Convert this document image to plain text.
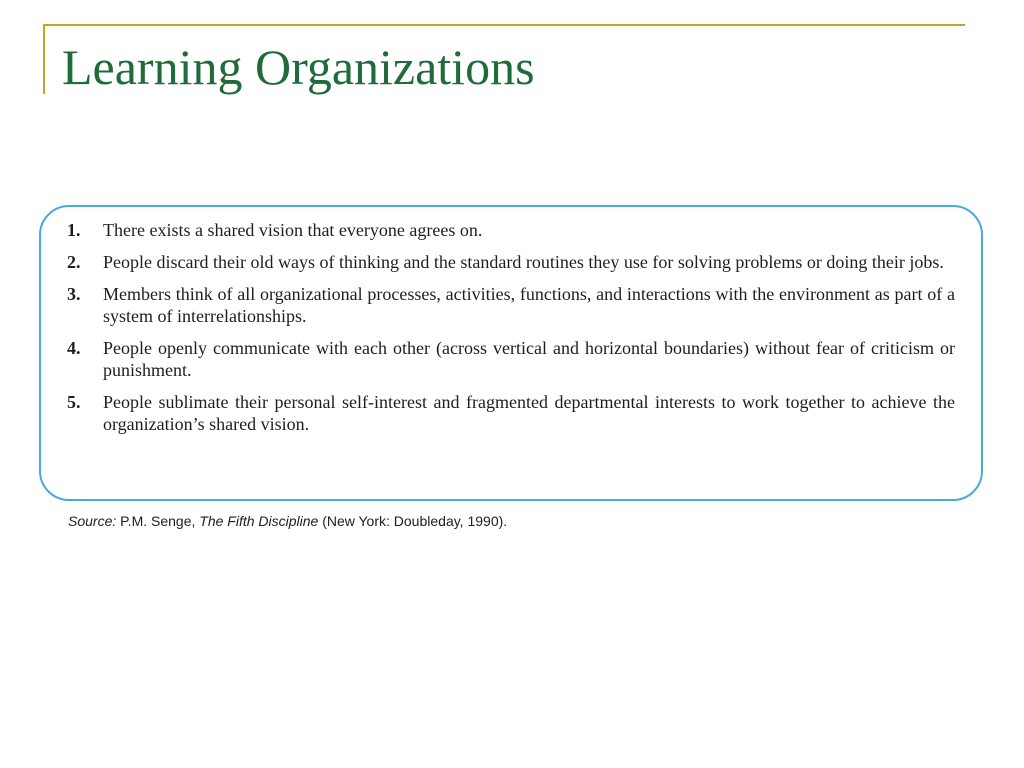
Learning Organizations
1.	There exists a shared vision that everyone agrees on.
2.	People discard their old ways of thinking and the standard routines they use for solving problems or doing their jobs.
3.	Members think of all organizational processes, activities, functions, and interactions with the environment as part of a system of interrelationships.
4.	People openly communicate with each other (across vertical and horizontal boundaries) without fear of criticism or punishment.
5.	People sublimate their personal self-interest and fragmented departmental interests to work together to achieve the organization’s shared vision.
Source: P.M. Senge, The Fifth Discipline (New York: Doubleday, 1990).
